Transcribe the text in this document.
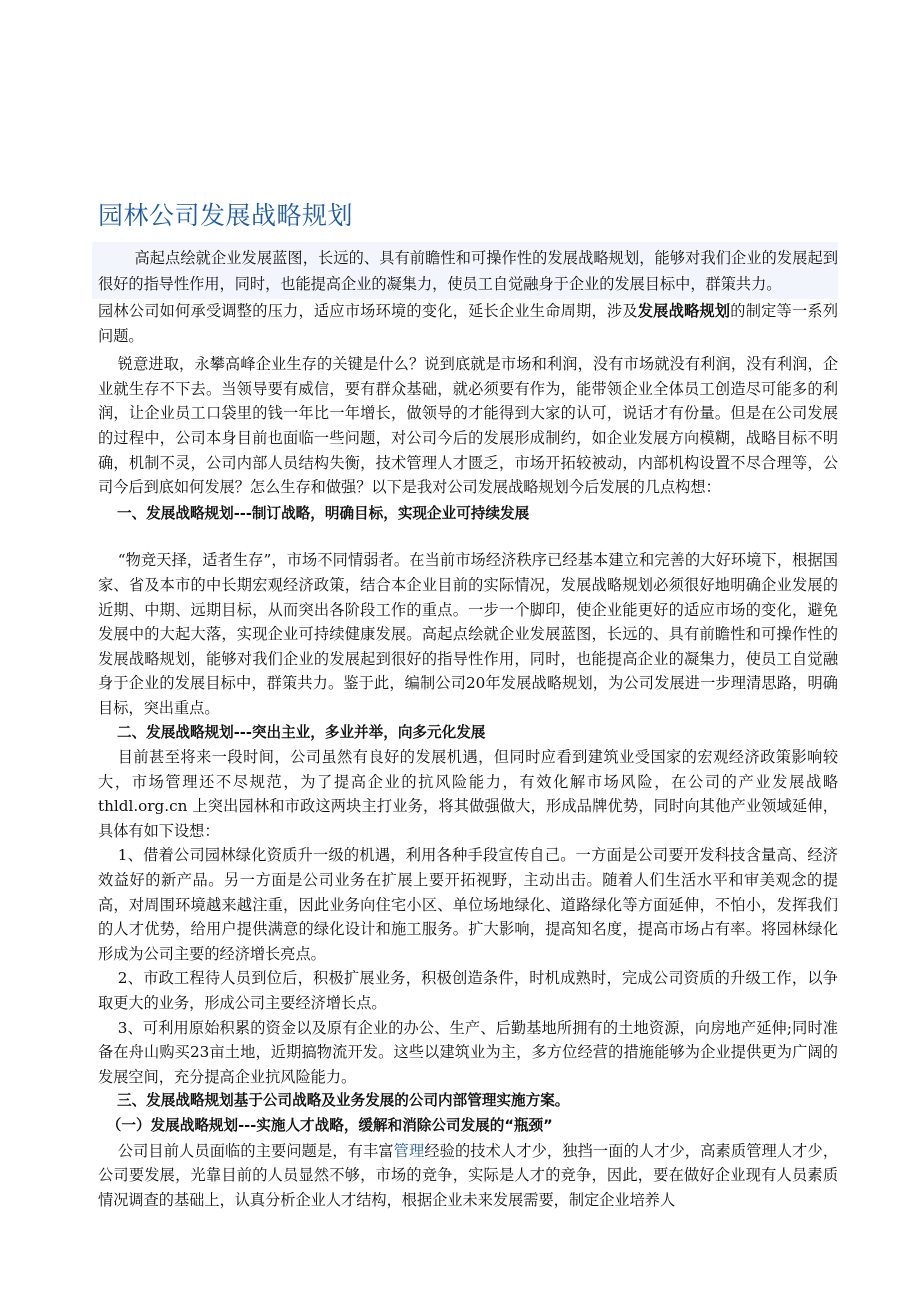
园林公司发展战略规划

高起点绘就企业发展蓝图，长远的、具有前瞻性和可操作性的发展战略规划，能够对我们企业的发展起到很好的指导性作用，同时，也能提高企业的凝集力，使员工自觉融身于企业的发展目标中，群策共力。

园林公司如何承受调整的压力，适应市场环境的变化，延长企业生命周期，涉及发展战略规划的制定等一系列问题。

锐意进取，永攀高峰企业生存的关键是什么？说到底就是市场和利润，没有市场就没有利润，没有利润，企业就生存不下去。当领导要有威信，要有群众基础，就必须要有作为，能带领企业全体员工创造尽可能多的利润，让企业员工口袋里的钱一年比一年增长，做领导的才能得到大家的认可，说话才有份量。但是在公司发展的过程中，公司本身目前也面临一些问题，对公司今后的发展形成制约，如企业发展方向模糊，战略目标不明确，机制不灵，公司内部人员结构失衡，技术管理人才匮乏，市场开拓较被动，内部机构设置不尽合理等，公司今后到底如何发展？怎么生存和做强？以下是我对公司发展战略规划今后发展的几点构想：

一、发展战略规划---制订战略，明确目标，实现企业可持续发展

“物竞天择，适者生存”，市场不同情弱者。在当前市场经济秩序已经基本建立和完善的大好环境下，根据国家、省及本市的中长期宏观经济政策，结合本企业目前的实际情况，发展战略规划必须很好地明确企业发展的近期、中期、远期目标，从而突出各阶段工作的重点。一步一个脚印，使企业能更好的适应市场的变化，避免发展中的大起大落，实现企业可持续健康发展。高起点绘就企业发展蓝图，长远的、具有前瞻性和可操作性的发展战略规划，能够对我们企业的发展起到很好的指导性作用，同时，也能提高企业的凝集力，使员工自觉融身于企业的发展目标中，群策共力。鉴于此，编制公司20年发展战略规划，为公司发展进一步理清思路，明确目标，突出重点。

二、发展战略规划---突出主业，多业并举，向多元化发展

目前甚至将来一段时间，公司虽然有良好的发展机遇，但同时应看到建筑业受国家的宏观经济政策影响较大，市场管理还不尽规范，为了提高企业的抗风险能力，有效化解市场风险，在公司的产业发展战略 thldl.org.cn 上突出园林和市政这两块主打业务，将其做强做大，形成品牌优势，同时向其他产业领域延伸，具体有如下设想：

1、借着公司园林绿化资质升一级的机遇，利用各种手段宣传自己。一方面是公司要开发科技含量高、经济效益好的新产品。另一方面是公司业务在扩展上要开拓视野，主动出击。随着人们生活水平和审美观念的提高，对周围环境越来越注重，因此业务向住宅小区、单位场地绿化、道路绿化等方面延伸，不怕小，发挥我们的人才优势，给用户提供满意的绿化设计和施工服务。扩大影响，提高知名度，提高市场占有率。将园林绿化形成为公司主要的经济增长亮点。

2、市政工程待人员到位后，积极扩展业务，积极创造条件，时机成熟时，完成公司资质的升级工作，以争取更大的业务，形成公司主要经济增长点。

3、可利用原始积累的资金以及原有企业的办公、生产、后勤基地所拥有的土地资源，向房地产延伸;同时准备在舟山购买23亩土地，近期搞物流开发。这些以建筑业为主，多方位经营的措施能够为企业提供更为广阔的发展空间，充分提高企业抗风险能力。

三、发展战略规划基于公司战略及业务发展的公司内部管理实施方案。

（一）发展战略规划---实施人才战略，缓解和消除公司发展的“瓶颈”

公司目前人员面临的主要问题是，有丰富管理经验的技术人才少，独挡一面的人才少，高素质管理人才少，公司要发展，光靠目前的人员显然不够，市场的竞争，实际是人才的竞争，因此，要在做好企业现有人员素质情况调查的基础上，认真分析企业人才结构，根据企业未来发展需要，制定企业培养人
